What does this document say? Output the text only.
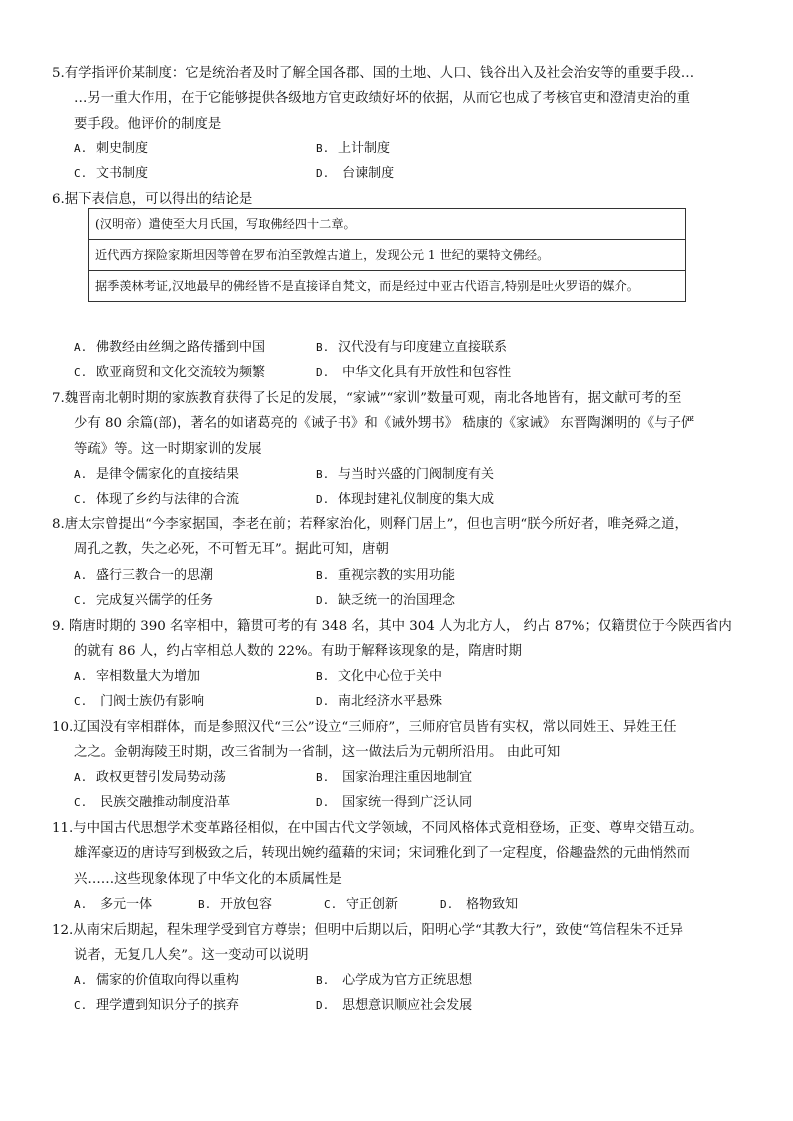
5.有学指评价某制度：它是统治者及时了解全国各郡、国的土地、人口、钱谷出入及社会治安等的重要手段…
…另一重大作用，在于它能够提供各级地方官吏政绩好坏的依据，从而它也成了考核官吏和澄清吏治的重
要手段。他评价的制度是

A. 刺史制度	B. 上计制度
C. 文书制度	D. 台谏制度

6.据下表信息，可以得出的结论是

(汉明帝）遣使至大月氏国，写取佛经四十二章。
近代西方探险家斯坦因等曾在罗布泊至敦煌古道上，发现公元 1 世纪的粟特文佛经。
据季羡林考证,汉地最早的佛经皆不是直接译自梵文，而是经过中亚古代语言,特别是吐火罗语的媒介。
A. 佛教经由丝绸之路传播到中国	B. 汉代没有与印度建立直接联系
C. 欧亚商贸和文化交流较为频繁	D. 中华文化具有开放性和包容性

7.魏晋南北朝时期的家族教育获得了长足的发展，“家诫”“家训”数量可观，南北各地皆有，据文献可考的至
少有 80 余篇(部)，著名的如诸葛亮的《诫子书》和《诫外甥书》 嵇康的《家诫》 东晋陶渊明的《与子俨
等疏》等。这一时期家训的发展

A. 是律令儒家化的直接结果	B. 与当时兴盛的门阀制度有关
C. 体现了乡约与法律的合流	D. 体现封建礼仪制度的集大成

8.唐太宗曾提出“今李家据国，李老在前；若释家治化，则释门居上”，但也言明“朕今所好者，唯尧舜之道，
周孔之教，失之必死，不可暂无耳”。据此可知，唐朝

A. 盛行三教合一的思潮	B. 重视宗教的实用功能
C. 完成复兴儒学的任务	D. 缺乏统一的治国理念

9. 隋唐时期的 390 名宰相中，籍贯可考的有 348 名，其中 304 人为北方人， 约占 87%；仅籍贯位于今陕西省内
的就有 86 人，约占宰相总人数的 22%。有助于解释该现象的是，隋唐时期

A. 宰相数量大为增加	B. 文化中心位于关中
C. 门阀士族仍有影响	D. 南北经济水平悬殊

10.辽国没有宰相群体，而是参照汉代“三公”设立“三师府”，三师府官员皆有实权，常以同姓王、异姓王任
之之。金朝海陵王时期，改三省制为一省制，这一做法后为元朝所沿用。 由此可知

A. 政权更替引发局势动荡	B. 国家治理注重因地制宜
C. 民族交融推动制度沿革	D. 国家统一得到广泛认同

11.与中国古代思想学术变革路径相似，在中国古代文学领域，不同风格体式竟相登场，正变、尊卑交错互动。
雄浑豪迈的唐诗写到极致之后，转现出婉约蕴藉的宋词；宋词雅化到了一定程度，俗趣盎然的元曲悄然而
兴……这些现象体现了中华文化的本质属性是

A. 多元一体	B. 开放包容	C. 守正创新	D. 格物致知

12.从南宋后期起，程朱理学受到官方尊崇；但明中后期以后，阳明心学“其教大行”，致使“笃信程朱不迁异
说者，无复几人矣”。这一变动可以说明

A. 儒家的价值取向得以重构	B. 心学成为官方正统思想
C. 理学遭到知识分子的摈弃	D. 思想意识顺应社会发展
